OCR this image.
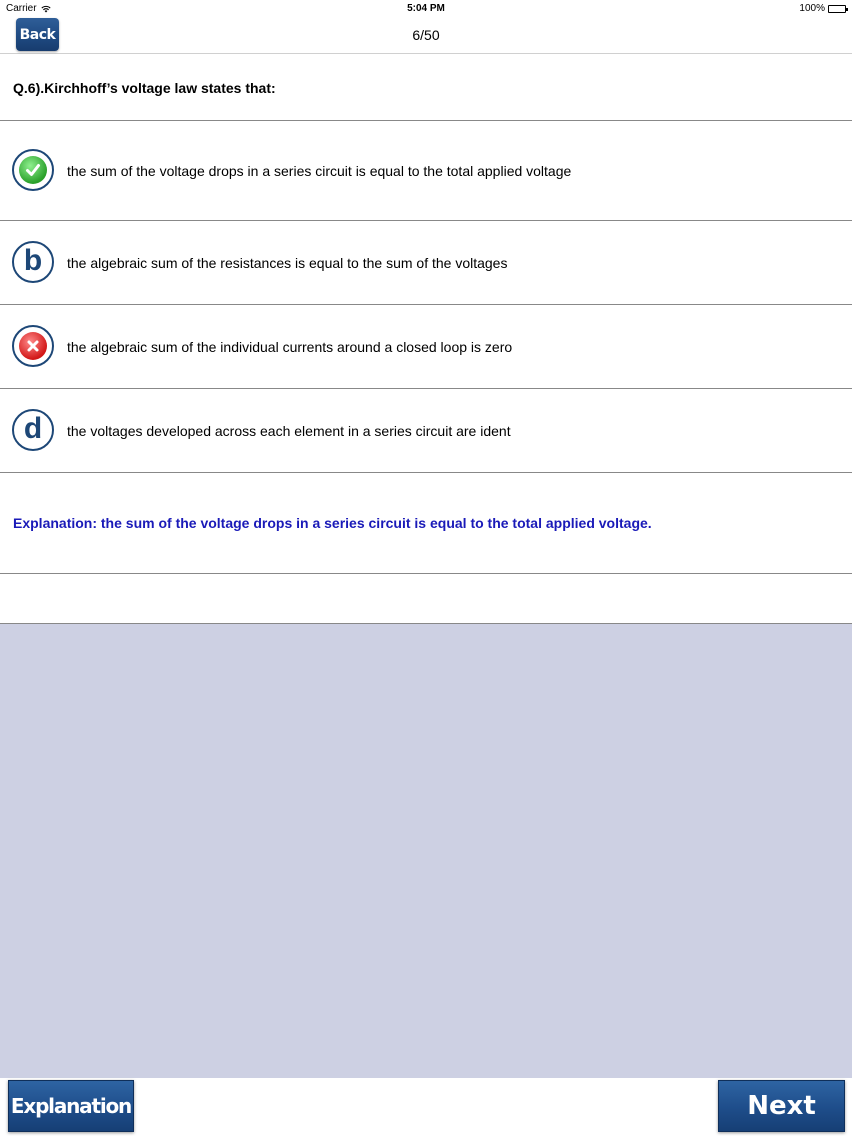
Carrier	5:04 PM	100%
Back	6/50
Q.6).Kirchhoff’s voltage law states that:
the sum of the voltage drops in a series circuit is equal to the total applied voltage
b the algebraic sum of the resistances is equal to the sum of the voltages
the algebraic sum of the individual currents around a closed loop is zero
d the voltages developed across each element in a series circuit are ident
Explanation: the sum of the voltage drops in a series circuit is equal to the total applied voltage.
Explanation	Next
